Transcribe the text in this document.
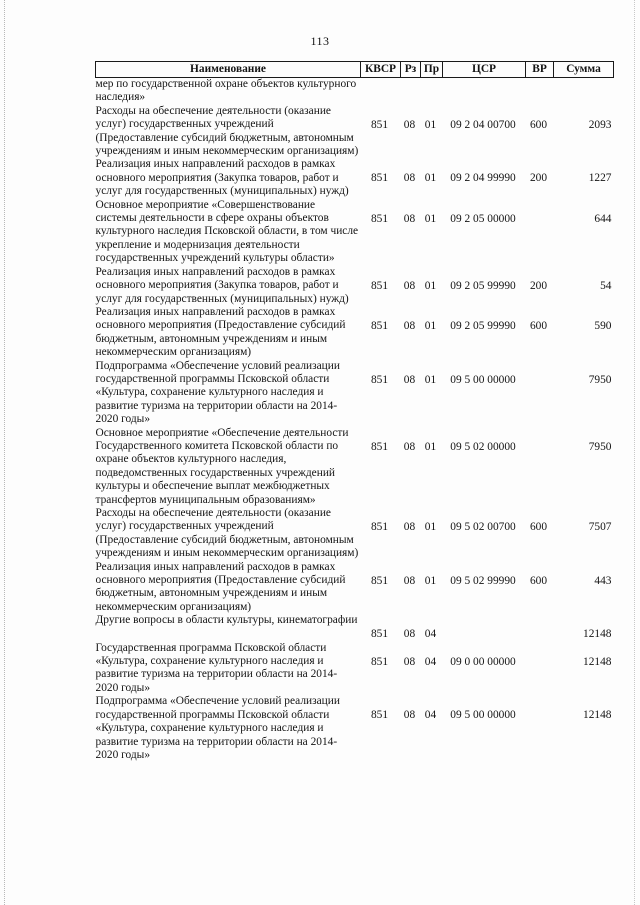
113
Наименование	КВСР	Рз	Пр	ЦСР	ВР	Сумма
мер по государственной охране объектов культурного наследия»						
Расходы на обеспечение деятельности (оказание услуг) государственных учреждений (Предоставление субсидий бюджетным, автономным учреждениям и иным некоммерческим организациям)	851	08	01	09 2 04 00700	600	2093
Реализация иных направлений расходов в рамках основного мероприятия (Закупка товаров, работ и услуг для государственных (муниципальных) нужд)	851	08	01	09 2 04 99990	200	1227
Основное мероприятие «Совершенствование системы деятельности в сфере охраны объектов культурного наследия Псковской области, в том числе укрепление и модернизация деятельности государственных учреждений культуры области»	851	08	01	09 2 05 00000		644
Реализация иных направлений расходов в рамках основного мероприятия (Закупка товаров, работ и услуг для государственных (муниципальных) нужд)	851	08	01	09 2 05 99990	200	54
Реализация иных направлений расходов в рамках основного мероприятия (Предоставление субсидий бюджетным, автономным учреждениям и иным некоммерческим организациям)	851	08	01	09 2 05 99990	600	590
Подпрограмма «Обеспечение условий реализации государственной программы Псковской области «Культура, сохранение культурного наследия и развитие туризма на территории области на 2014-2020 годы»	851	08	01	09 5 00 00000		7950
Основное мероприятие «Обеспечение деятельности Государственного комитета Псковской области по охране объектов культурного наследия, подведомственных государственных учреждений культуры и обеспечение выплат межбюджетных трансфертов муниципальным образованиям»	851	08	01	09 5 02 00000		7950
Расходы на обеспечение деятельности (оказание услуг) государственных учреждений (Предоставление субсидий бюджетным, автономным учреждениям и иным некоммерческим организациям)	851	08	01	09 5 02 00700	600	7507
Реализация иных направлений расходов в рамках основного мероприятия (Предоставление субсидий бюджетным, автономным учреждениям и иным некоммерческим организациям)	851	08	01	09 5 02 99990	600	443
Другие вопросы в области культуры, кинематографии	851	08	04			12148
Государственная программа Псковской области «Культура, сохранение культурного наследия и развитие туризма на территории области на 2014-2020 годы»	851	08	04	09 0 00 00000		12148
Подпрограмма «Обеспечение условий реализации государственной программы Псковской области «Культура, сохранение культурного наследия и развитие туризма на территории области на 2014-2020 годы»	851	08	04	09 5 00 00000		12148
